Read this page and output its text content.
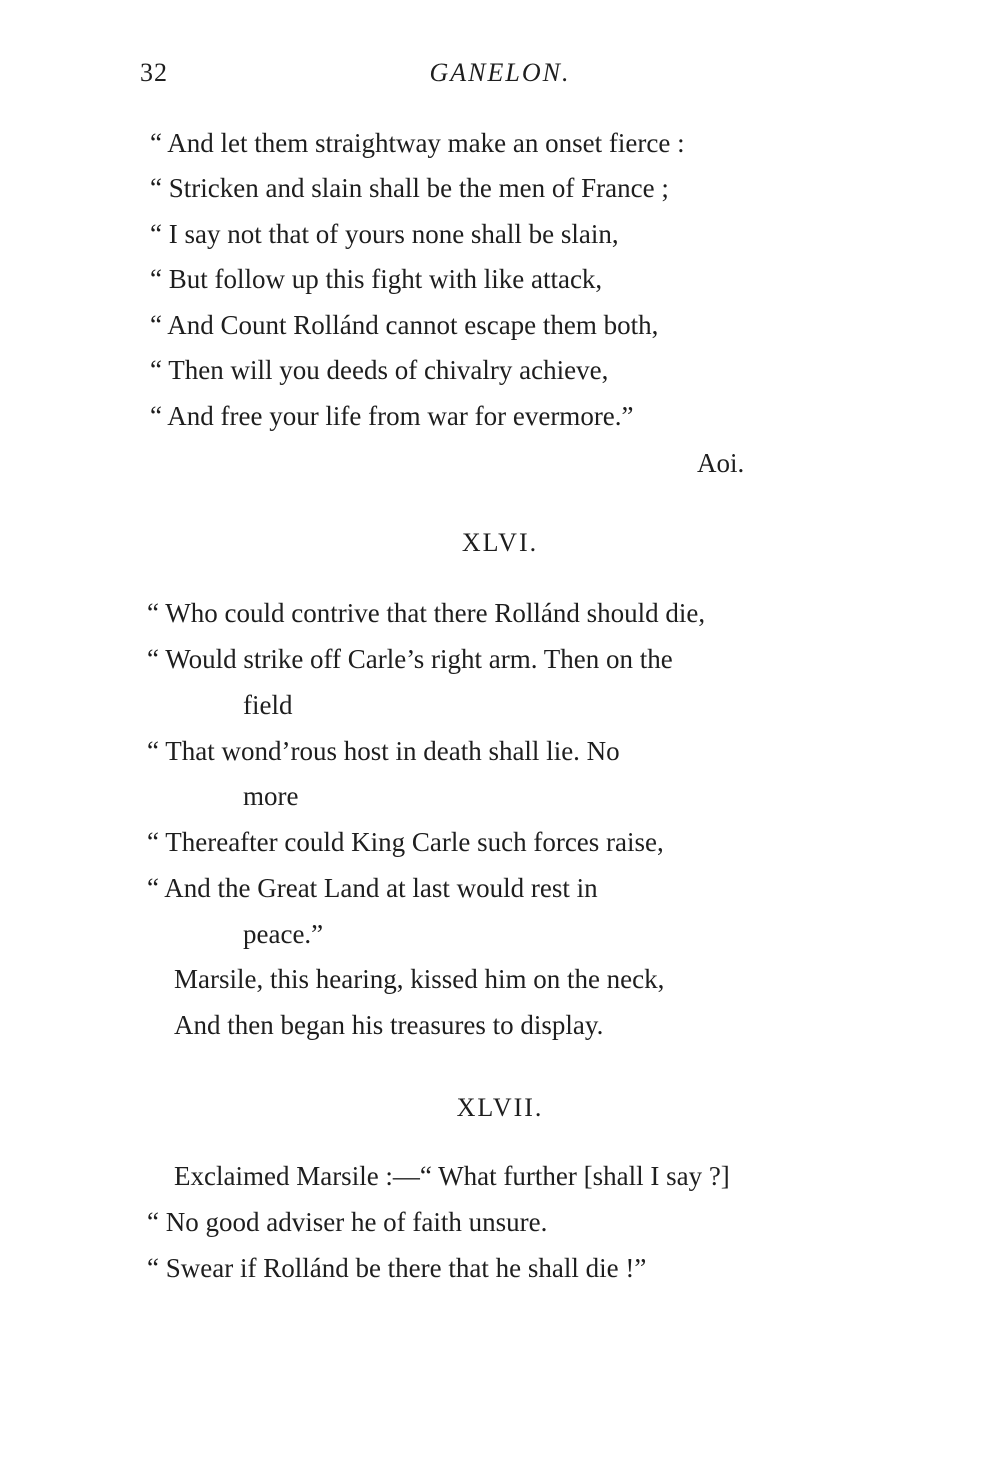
32	GANELON.
“ And let them straightway make an onset fierce :
“ Stricken and slain shall be the men of France ;
“ I say not that of yours none shall be slain,
“ But follow up this fight with like attack,
“ And Count Rollánd cannot escape them both,
“ Then will you deeds of chivalry achieve,
“ And free your life from war for evermore.”
Aoi.
XLVI.
“ Who could contrive that there Rollánd should die,
“ Would strike off Carle’s right arm. Then on the
field
“ That wond’rous host in death shall lie. No
more
“ Thereafter could King Carle such forces raise,
“ And the Great Land at last would rest in
peace.”
Marsile, this hearing, kissed him on the neck,
And then began his treasures to display.
XLVII.
Exclaimed Marsile :—“ What further [shall I say ?]
“ No good adviser he of faith unsure.
“ Swear if Rollánd be there that he shall die !”
